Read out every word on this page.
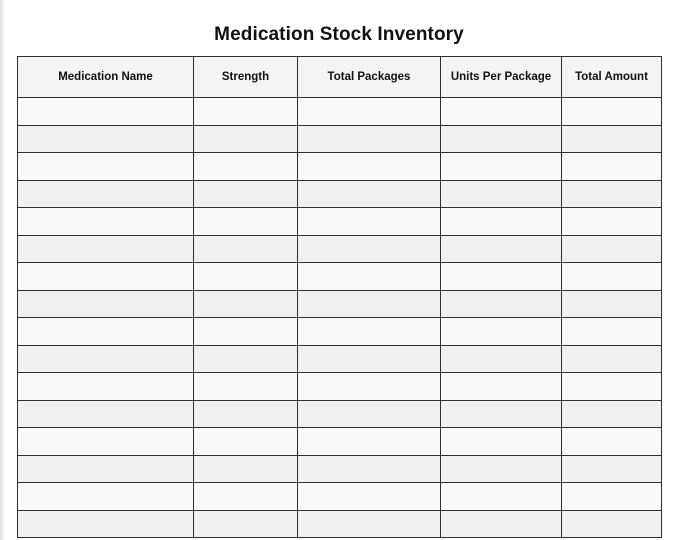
Medication Stock Inventory
Medication Name	Strength	Total Packages	Units Per Package	Total Amount
